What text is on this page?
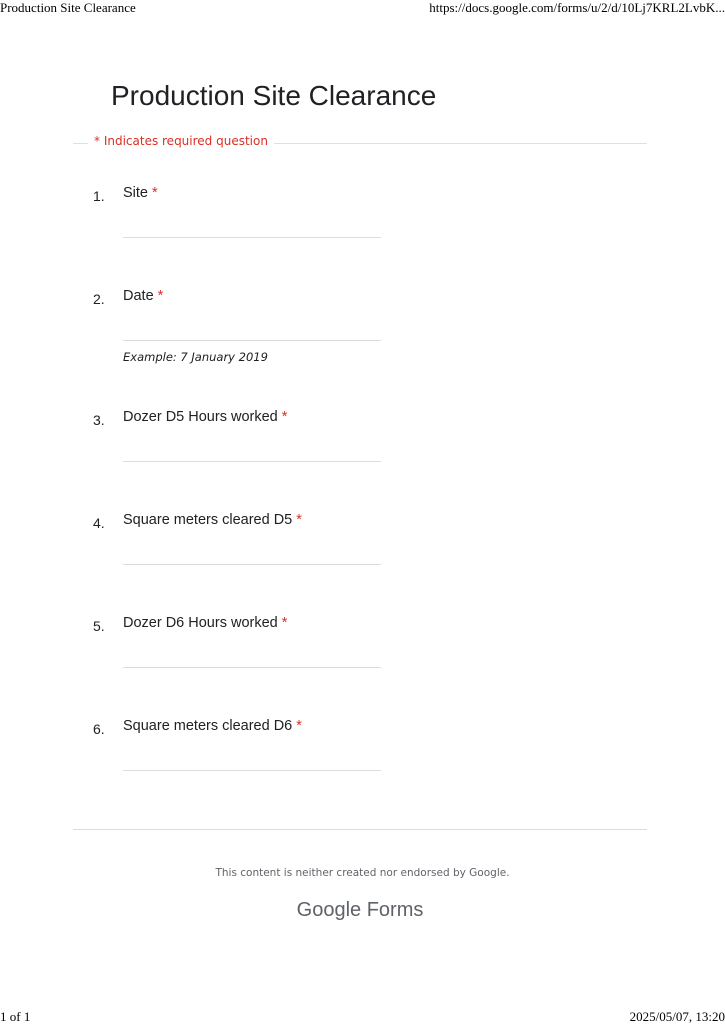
Production Site Clearance	https://docs.google.com/forms/u/2/d/10Lj7KRL2LvbK...
Production Site Clearance
* Indicates required question
1. Site *
2. Date *
Example: 7 January 2019
3. Dozer D5 Hours worked *
4. Square meters cleared D5 *
5. Dozer D6 Hours worked *
6. Square meters cleared D6 *
This content is neither created nor endorsed by Google.
Google Forms
1 of 1	2025/05/07, 13:20
